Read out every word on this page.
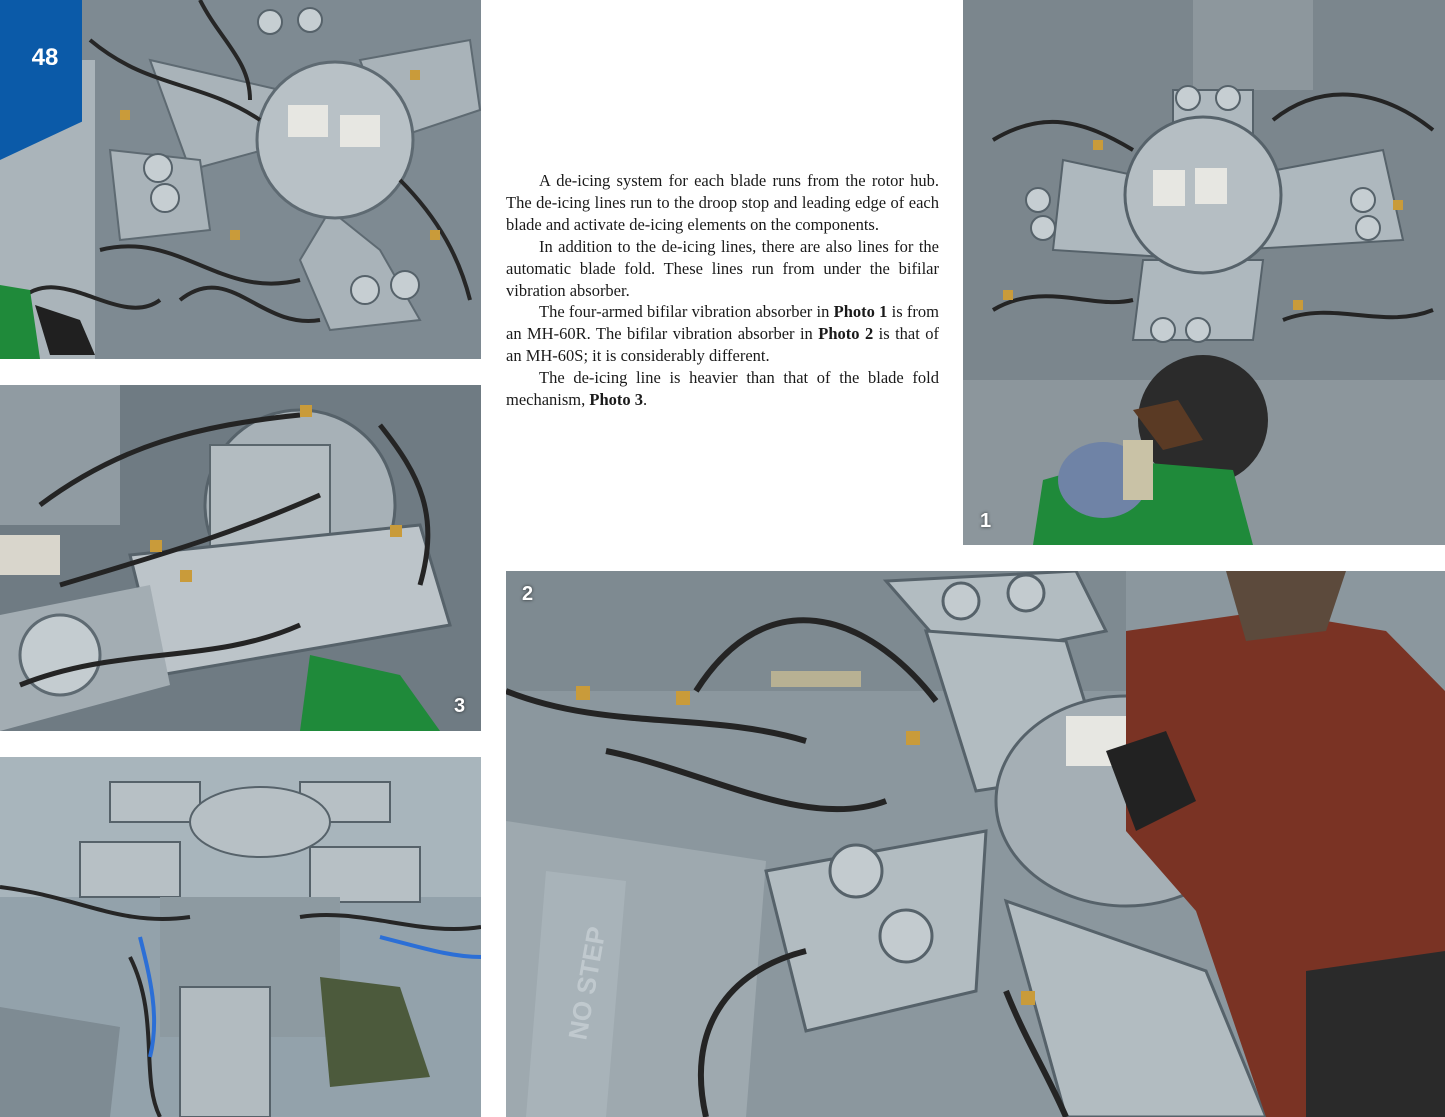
48
3

A de-icing system for each blade runs from the rotor hub. The de-icing lines run to the droop stop and leading edge of each blade and activate de-icing elements on the components.

In addition to the de-icing lines, there are also lines for the automatic blade fold. These lines run from under the bifilar vibration absorber.

The four-armed bifilar vibration absorber in Photo 1 is from an MH-60R. The bifilar vibration absorber in Photo 2 is that of an MH-60S; it is considerably different.

The de-icing line is heavier than that of the blade fold mechanism, Photo 3.

1
NO STEP
2
